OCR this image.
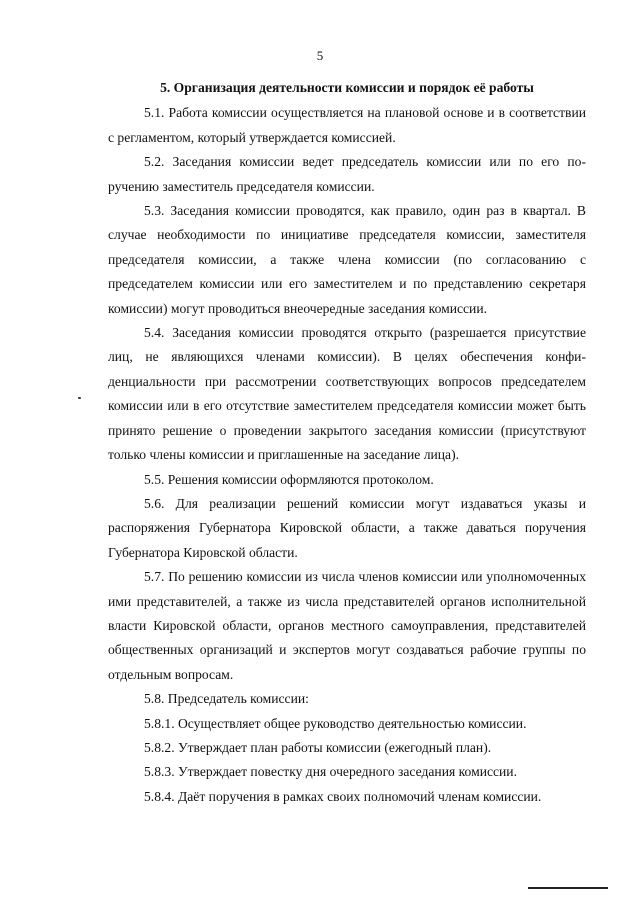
5

5. Организация деятельности комиссии и порядок её работы

5.1. Работа комиссии осуществляется на плановой основе и в соответствии с регламентом, который утверждается комиссией.

5.2. Заседания комиссии ведет председатель комиссии или по его поручению заместитель председателя комиссии.

5.3. Заседания комиссии проводятся, как правило, один раз в квартал. В случае необходимости по инициативе председателя комиссии, заместителя председателя комиссии, а также члена комиссии (по согласованию с председателем комиссии или его заместителем и по представлению секретаря комиссии) могут проводиться внеочередные заседания комиссии.

5.4. Заседания комиссии проводятся открыто (разрешается присутствие лиц, не являющихся членами комиссии). В целях обеспечения конфиденциальности при рассмотрении соответствующих вопросов председателем комиссии или в его отсутствие заместителем председателя комиссии может быть принято решение о проведении закрытого заседания комиссии (присутствуют только члены комиссии и приглашенные на заседание лица).

5.5. Решения комиссии оформляются протоколом.

5.6. Для реализации решений комиссии могут издаваться указы и распоряжения Губернатора Кировской области, а также даваться поручения Губернатора Кировской области.

5.7. По решению комиссии из числа членов комиссии или уполномоченных ими представителей, а также из числа представителей органов исполнительной власти Кировской области, органов местного самоуправления, представителей общественных организаций и экспертов могут создаваться рабочие группы по отдельным вопросам.

5.8. Председатель комиссии:

5.8.1. Осуществляет общее руководство деятельностью комиссии.

5.8.2. Утверждает план работы комиссии (ежегодный план).

5.8.3. Утверждает повестку дня очередного заседания комиссии.

5.8.4. Даёт поручения в рамках своих полномочий членам комиссии.
